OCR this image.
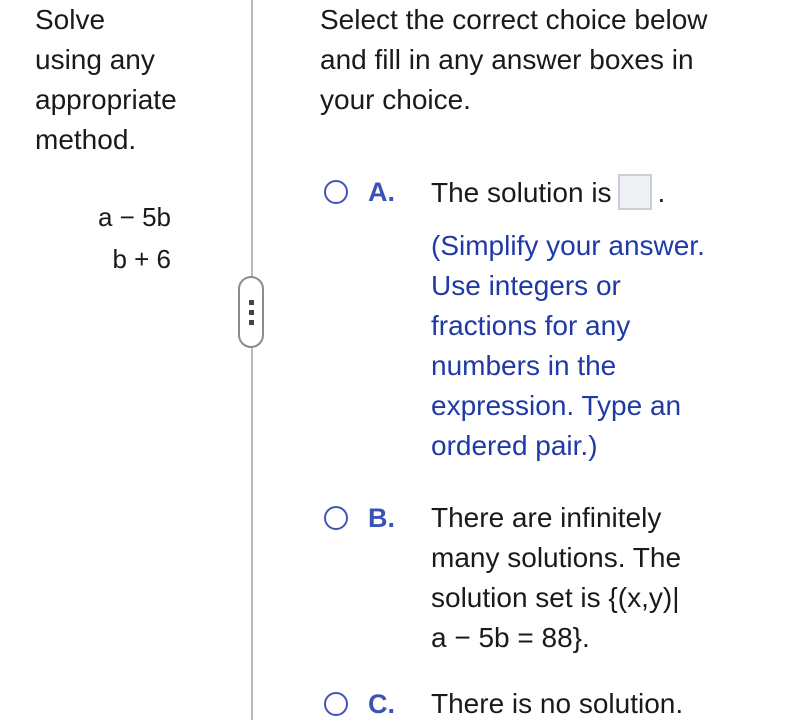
Solve
using any
appropriate
method.

a − 5b
b + 6

Select the correct choice below
and fill in any answer boxes in
your choice.

A. The solution is .
(Simplify your answer.
Use integers or
fractions for any
numbers in the
expression. Type an
ordered pair.)
B. There are infinitely
many solutions. The
solution set is {(x,y)|
a − 5b = 88}.
C. There is no solution.
